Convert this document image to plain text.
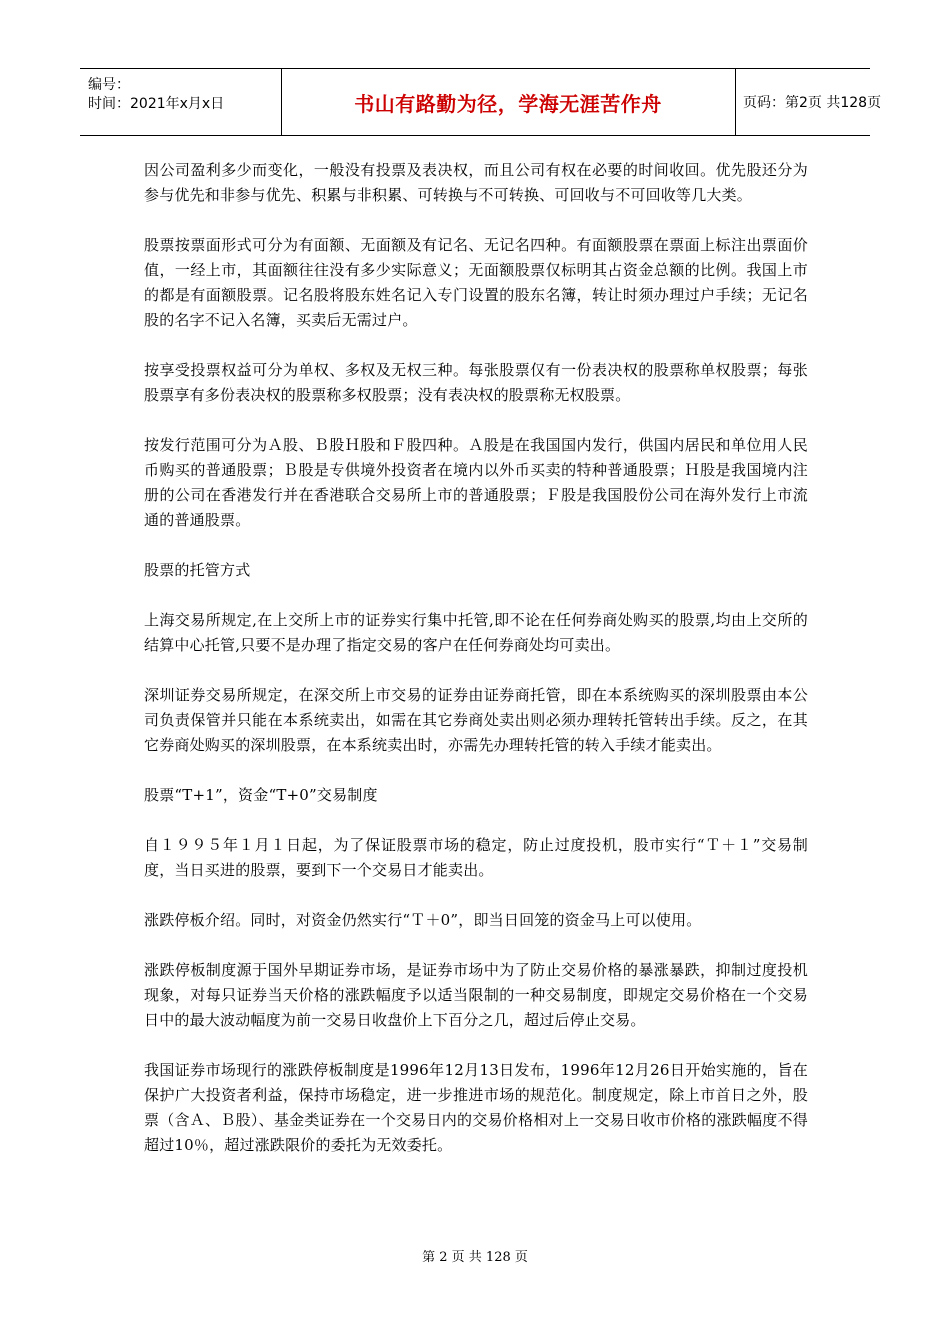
编号：
时间：2021年x月x日	书山有路勤为径，学海无涯苦作舟	页码：第2页 共128页

因公司盈利多少而变化，一般没有投票及表决权，而且公司有权在必要的时间收回。优先股还分为参与优先和非参与优先、积累与非积累、可转换与不可转换、可回收与不可回收等几大类。

股票按票面形式可分为有面额、无面额及有记名、无记名四种。有面额股票在票面上标注出票面价值，一经上市，其面额往往没有多少实际意义；无面额股票仅标明其占资金总额的比例。我国上市的都是有面额股票。记名股将股东姓名记入专门设置的股东名簿，转让时须办理过户手续；无记名股的名字不记入名簿，买卖后无需过户。

按享受投票权益可分为单权、多权及无权三种。每张股票仅有一份表决权的股票称单权股票；每张股票享有多份表决权的股票称多权股票；没有表决权的股票称无权股票。

按发行范围可分为Ａ股、Ｂ股Ｈ股和Ｆ股四种。Ａ股是在我国国内发行，供国内居民和单位用人民币购买的普通股票；Ｂ股是专供境外投资者在境内以外币买卖的特种普通股票；Ｈ股是我国境内注册的公司在香港发行并在香港联合交易所上市的普通股票；Ｆ股是我国股份公司在海外发行上市流通的普通股票。

股票的托管方式

上海交易所规定,在上交所上市的证券实行集中托管,即不论在任何券商处购买的股票,均由上交所的结算中心托管,只要不是办理了指定交易的客户在任何券商处均可卖出。

深圳证券交易所规定，在深交所上市交易的证券由证券商托管，即在本系统购买的深圳股票由本公司负责保管并只能在本系统卖出，如需在其它券商处卖出则必须办理转托管转出手续。反之，在其它券商处购买的深圳股票，在本系统卖出时，亦需先办理转托管的转入手续才能卖出。

股票“T+1”，资金“T+0”交易制度

自１９９５年１月１日起，为了保证股票市场的稳定，防止过度投机，股市实行“Ｔ＋１”交易制度，当日买进的股票，要到下一个交易日才能卖出。

涨跌停板介绍。同时，对资金仍然实行“Ｔ＋0”，即当日回笼的资金马上可以使用。

涨跌停板制度源于国外早期证券市场，是证券市场中为了防止交易价格的暴涨暴跌，抑制过度投机现象，对每只证券当天价格的涨跌幅度予以适当限制的一种交易制度，即规定交易价格在一个交易日中的最大波动幅度为前一交易日收盘价上下百分之几，超过后停止交易。

我国证券市场现行的涨跌停板制度是1996年12月13日发布，1996年12月26日开始实施的，旨在保护广大投资者利益，保持市场稳定，进一步推进市场的规范化。制度规定，除上市首日之外，股票（含Ａ、Ｂ股）、基金类证券在一个交易日内的交易价格相对上一交易日收市价格的涨跌幅度不得超过10％，超过涨跌限价的委托为无效委托。

第 2 页 共 128 页
